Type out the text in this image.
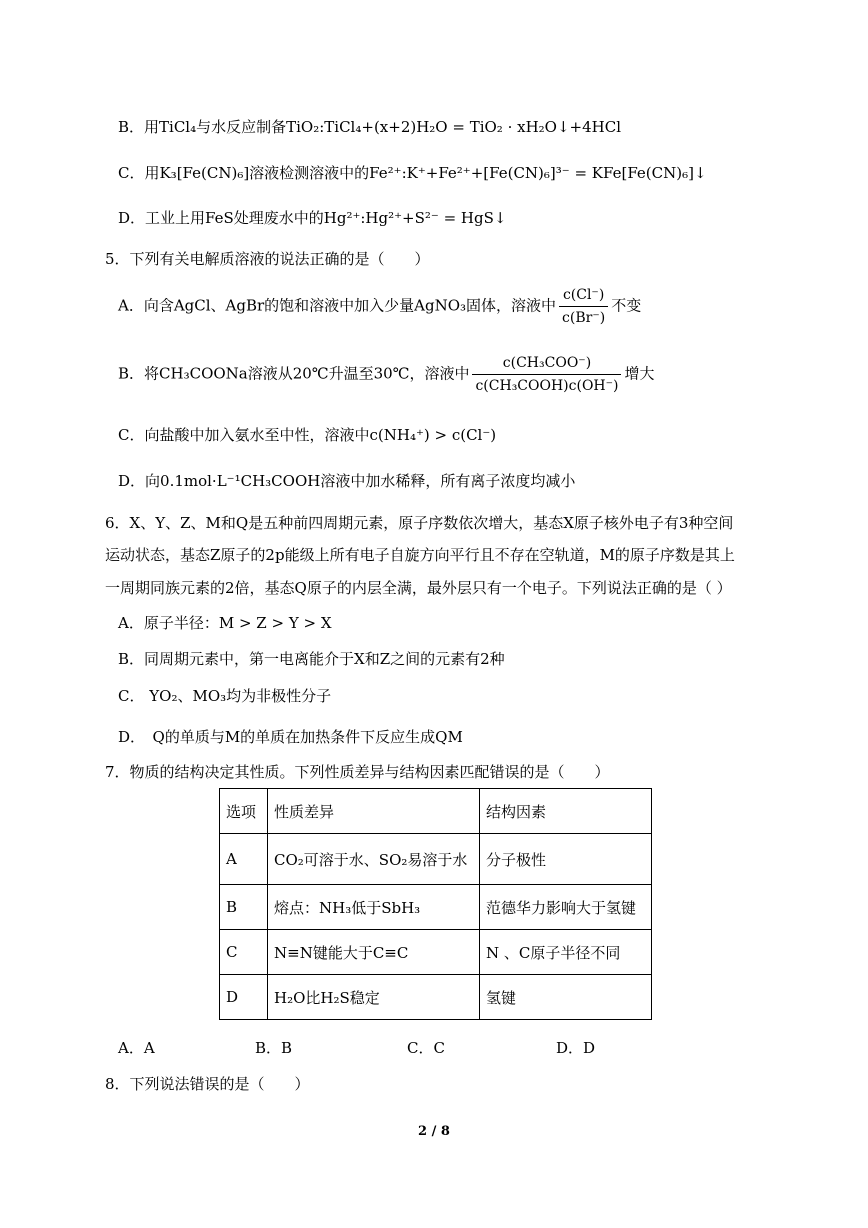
B．用TiCl₄与水反应制备TiO₂:TiCl₄+(x+2)H₂O = TiO₂ · xH₂O↓+4HCl
C．用K₃[Fe(CN)₆]溶液检测溶液中的Fe²⁺:K⁺+Fe²⁺+[Fe(CN)₆]³⁻ = KFe[Fe(CN)₆]↓
D．工业上用FeS处理废水中的Hg²⁺:Hg²⁺+S²⁻ = HgS↓
5．下列有关电解质溶液的说法正确的是（　　）
A．向含AgCl、AgBr的饱和溶液中加入少量AgNO₃固体，溶液中 $\frac{c(Cl^-)}{c(Br^-)}$ 不变
B．将CH₃COONa溶液从20℃升温至30℃，溶液中 $\frac{\text{c(CH₃COO⁻)}}{\text{c(CH₃COOH)c(OH⁻)}}$ 增大
C．向盐酸中加入氨水至中性，溶液中c(NH₄⁺) > c(Cl⁻)
D．向0.1mol·L⁻¹CH₃COOH溶液中加水稀释，所有离子浓度均减小
6．X、Y、Z、M和Q是五种前四周期元素，原子序数依次增大，基态X原子核外电子有3种空间
运动状态，基态Z原子的2p能级上所有电子自旋方向平行且不存在空轨道，M的原子序数是其上
一周期同族元素的2倍，基态Q原子的内层全满，最外层只有一个电子。下列说法正确的是（ ）
A．原子半径：M > Z > Y > X
B．同周期元素中，第一电离能介于X和Z之间的元素有2种
C． YO₂、MO₃均为非极性分子
D．　Q的单质与M的单质在加热条件下反应生成QM
7．物质的结构决定其性质。下列性质差异与结构因素匹配错误的是（　　）
选项	性质差异	结构因素
A	CO₂可溶于水、SO₂易溶于水	分子极性
B	熔点：NH₃低于SbH₃	范德华力影响大于氢键
C	N≡N键能大于C≡C	N 、C原子半径不同
D	H₂O比H₂S稳定	氢键
A．A	B．B	C．C	D．D
8．下列说法错误的是（　　）
2 / 8
